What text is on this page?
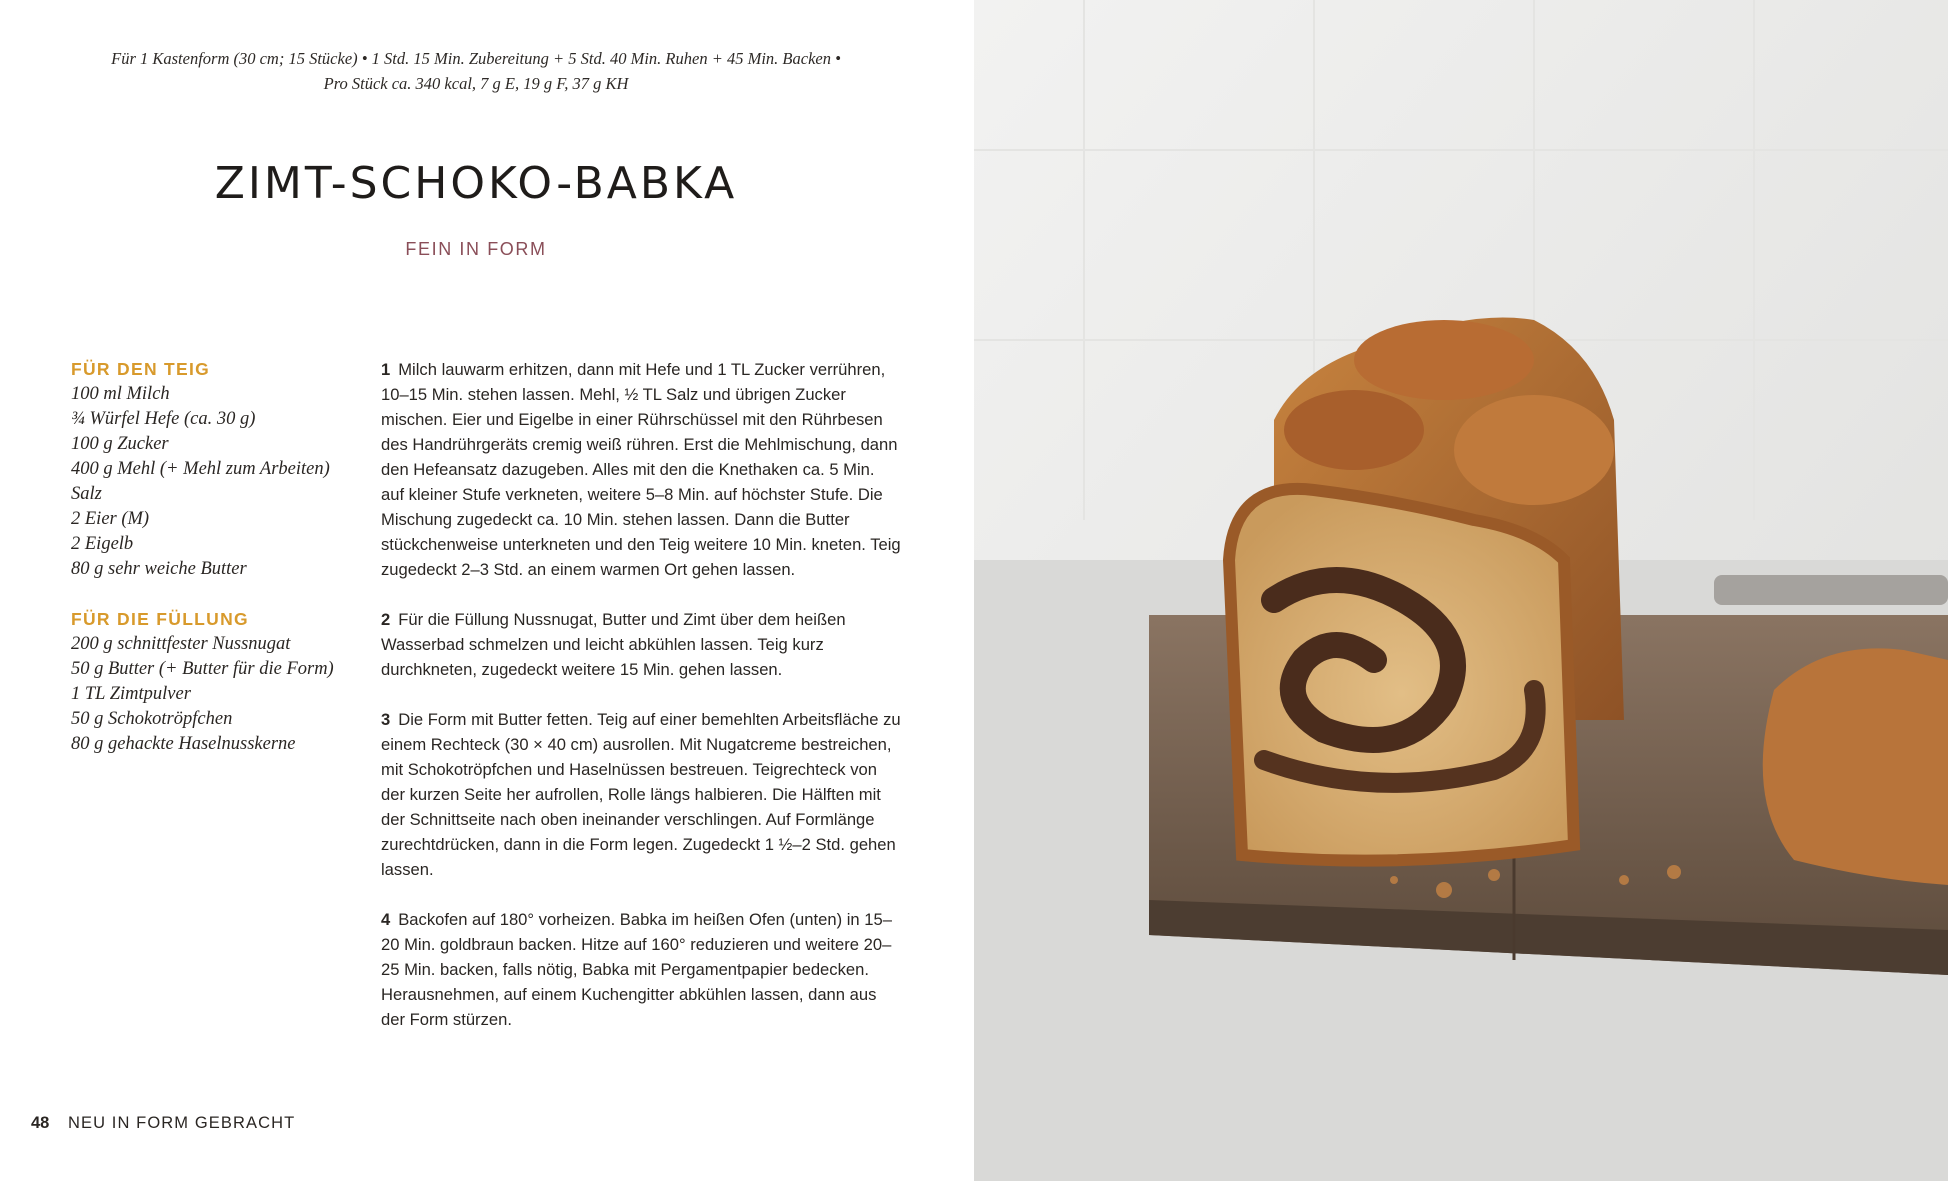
Für 1 Kastenform (30 cm; 15 Stücke) • 1 Std. 15 Min. Zubereitung + 5 Std. 40 Min. Ruhen + 45 Min. Backen •
Pro Stück ca. 340 kcal, 7 g E, 19 g F, 37 g KH
ZIMT-SCHOKO-BABKA
FEIN IN FORM
FÜR DEN TEIG
100 ml Milch
¾ Würfel Hefe (ca. 30 g)
100 g Zucker
400 g Mehl (+ Mehl zum Arbeiten)
Salz
2 Eier (M)
2 Eigelb
80 g sehr weiche Butter
FÜR DIE FÜLLUNG
200 g schnittfester Nussnugat
50 g Butter (+ Butter für die Form)
1 TL Zimtpulver
50 g Schokotröpfchen
80 g gehackte Haselnusskerne

1 Milch lauwarm erhitzen, dann mit Hefe und 1 TL Zucker verrühren, 10–15 Min. stehen lassen. Mehl, ½ TL Salz und übrigen Zucker mischen. Eier und Eigelbe in einer Rührschüssel mit den Rührbesen des Handrührgeräts cremig weiß rühren. Erst die Mehlmischung, dann den Hefeansatz dazugeben. Alles mit den die Knethaken ca. 5 Min. auf kleiner Stufe verkneten, weitere 5–8 Min. auf höchster Stufe. Die Mischung zugedeckt ca. 10 Min. stehen lassen. Dann die Butter stückchenweise unterkneten und den Teig weitere 10 Min. kneten. Teig zugedeckt 2–3 Std. an einem warmen Ort gehen lassen.

2 Für die Füllung Nussnugat, Butter und Zimt über dem heißen Wasserbad schmelzen und leicht abkühlen lassen. Teig kurz durchkneten, zugedeckt weitere 15 Min. gehen lassen.

3 Die Form mit Butter fetten. Teig auf einer bemehlten Arbeitsfläche zu einem Rechteck (30 × 40 cm) ausrollen. Mit Nugatcreme bestreichen, mit Schokotröpfchen und Haselnüssen bestreuen. Teigrechteck von der kurzen Seite her aufrollen, Rolle längs halbieren. Die Hälften mit der Schnittseite nach oben ineinander verschlingen. Auf Formlänge zurechtdrücken, dann in die Form legen. Zugedeckt 1 ½–2 Std. gehen lassen.

4 Backofen auf 180° vorheizen. Babka im heißen Ofen (unten) in 15–20 Min. goldbraun backen. Hitze auf 160° reduzieren und weitere 20–25 Min. backen, falls nötig, Babka mit Pergamentpapier bedecken. Herausnehmen, auf einem Kuchengitter abkühlen lassen, dann aus der Form stürzen.

48 NEU IN FORM GEBRACHT
